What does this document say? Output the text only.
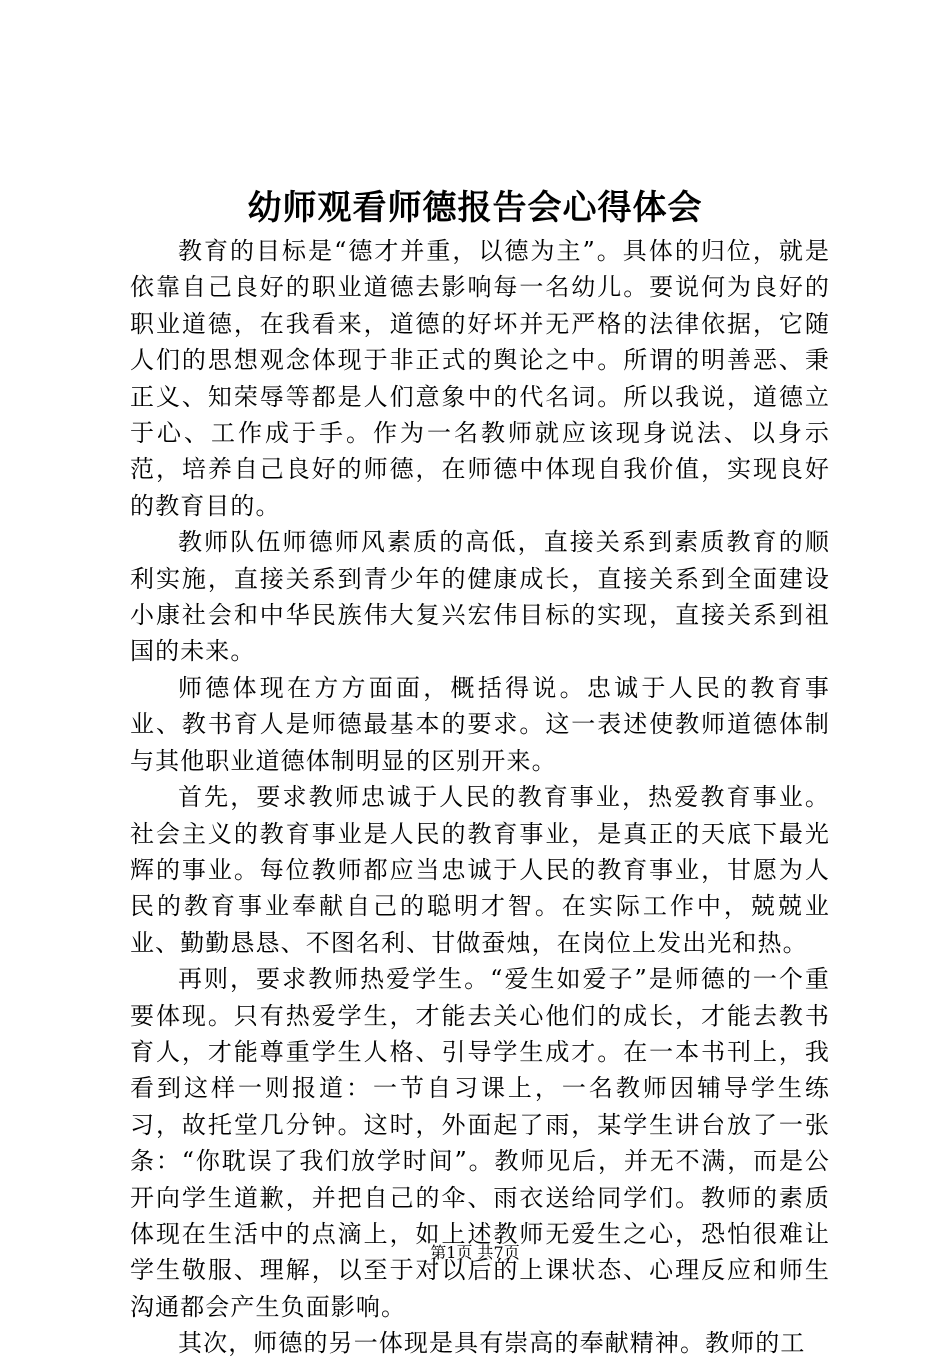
幼师观看师德报告会心得体会

教育的目标是“德才并重，以德为主”。具体的归位，就是依靠自己良好的职业道德去影响每一名幼儿。要说何为良好的职业道德，在我看来，道德的好坏并无严格的法律依据，它随人们的思想观念体现于非正式的舆论之中。所谓的明善恶、秉正义、知荣辱等都是人们意象中的代名词。所以我说，道德立于心、工作成于手。作为一名教师就应该现身说法、以身示范，培养自己良好的师德，在师德中体现自我价值，实现良好的教育目的。

教师队伍师德师风素质的高低，直接关系到素质教育的顺利实施，直接关系到青少年的健康成长，直接关系到全面建设小康社会和中华民族伟大复兴宏伟目标的实现，直接关系到祖国的未来。

师德体现在方方面面，概括得说。忠诚于人民的教育事业、教书育人是师德最基本的要求。这一表述使教师道德体制与其他职业道德体制明显的区别开来。

首先，要求教师忠诚于人民的教育事业，热爱教育事业。社会主义的教育事业是人民的教育事业，是真正的天底下最光辉的事业。每位教师都应当忠诚于人民的教育事业，甘愿为人民的教育事业奉献自己的聪明才智。在实际工作中，兢兢业业、勤勤恳恳、不图名利、甘做蚕烛，在岗位上发出光和热。

再则，要求教师热爱学生。“爱生如爱子”是师德的一个重要体现。只有热爱学生，才能去关心他们的成长，才能去教书育人，才能尊重学生人格、引导学生成才。在一本书刊上，我看到这样一则报道：一节自习课上，一名教师因辅导学生练习，故托堂几分钟。这时，外面起了雨，某学生讲台放了一张条：“你耽误了我们放学时间”。教师见后，并无不满，而是公开向学生道歉，并把自己的伞、雨衣送给同学们。教师的素质体现在生活中的点滴上，如上述教师无爱生之心，恐怕很难让学生敬服、理解，以至于对以后的上课状态、心理反应和师生沟通都会产生负面影响。

其次，师德的另一体现是具有崇高的奉献精神。教师的工

第1页 共7页
